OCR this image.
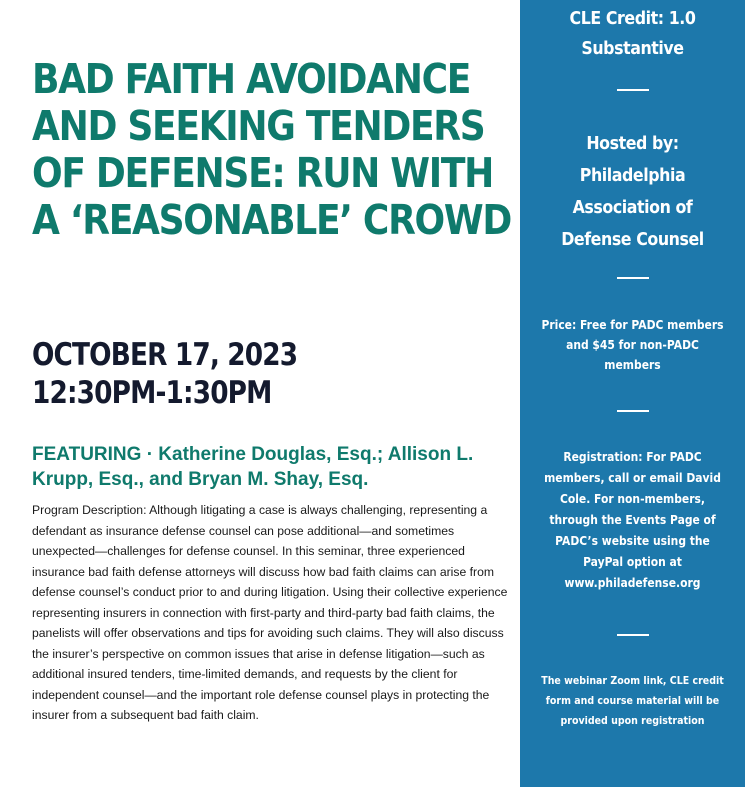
BAD FAITH AVOIDANCE AND SEEKING TENDERS OF DEFENSE: RUN WITH A ‘REASONABLE’ CROWD
OCTOBER 17, 2023
12:30PM-1:30PM
FEATURING · Katherine Douglas, Esq.; Allison L. Krupp, Esq., and Bryan M. Shay, Esq.
Program Description: Although litigating a case is always challenging, representing a defendant as insurance defense counsel can pose additional—and sometimes unexpected—challenges for defense counsel. In this seminar, three experienced insurance bad faith defense attorneys will discuss how bad faith claims can arise from defense counsel’s conduct prior to and during litigation. Using their collective experience representing insurers in connection with first-party and third-party bad faith claims, the panelists will offer observations and tips for avoiding such claims. They will also discuss the insurer’s perspective on common issues that arise in defense litigation—such as additional insured tenders, time-limited demands, and requests by the client for independent counsel—and the important role defense counsel plays in protecting the insurer from a subsequent bad faith claim.
CLE Credit: 1.0
Substantive
Hosted by:
Philadelphia
Association of
Defense Counsel
Price: Free for PADC members and $45 for non-PADC members
Registration: For PADC members, call or email David Cole. For non-members, through the Events Page of PADC’s website using the PayPal option at www.philadefense.org
The webinar Zoom link, CLE credit form and course material will be provided upon registration
